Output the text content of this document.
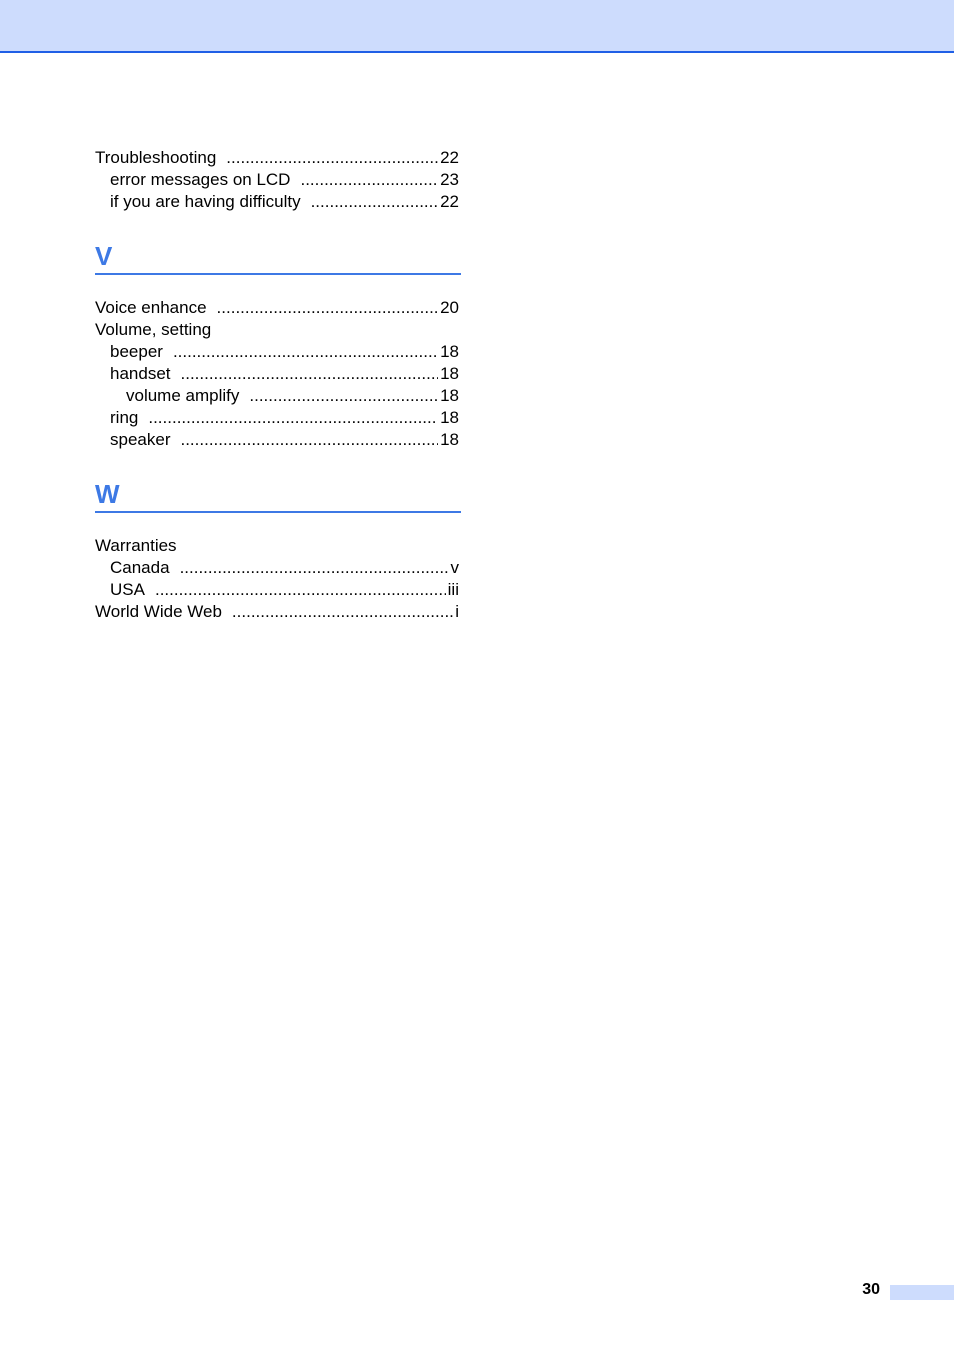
Troubleshooting .....	22
error messages on LCD .....	23
if you are having difficulty .....	22
V
Voice enhance .....	20
Volume, setting
beeper .....	18
handset .....	18
volume amplify .....	18
ring .....	18
speaker .....	18
W
Warranties
Canada .....	v
USA .....	iii
World Wide Web .....	i
30
